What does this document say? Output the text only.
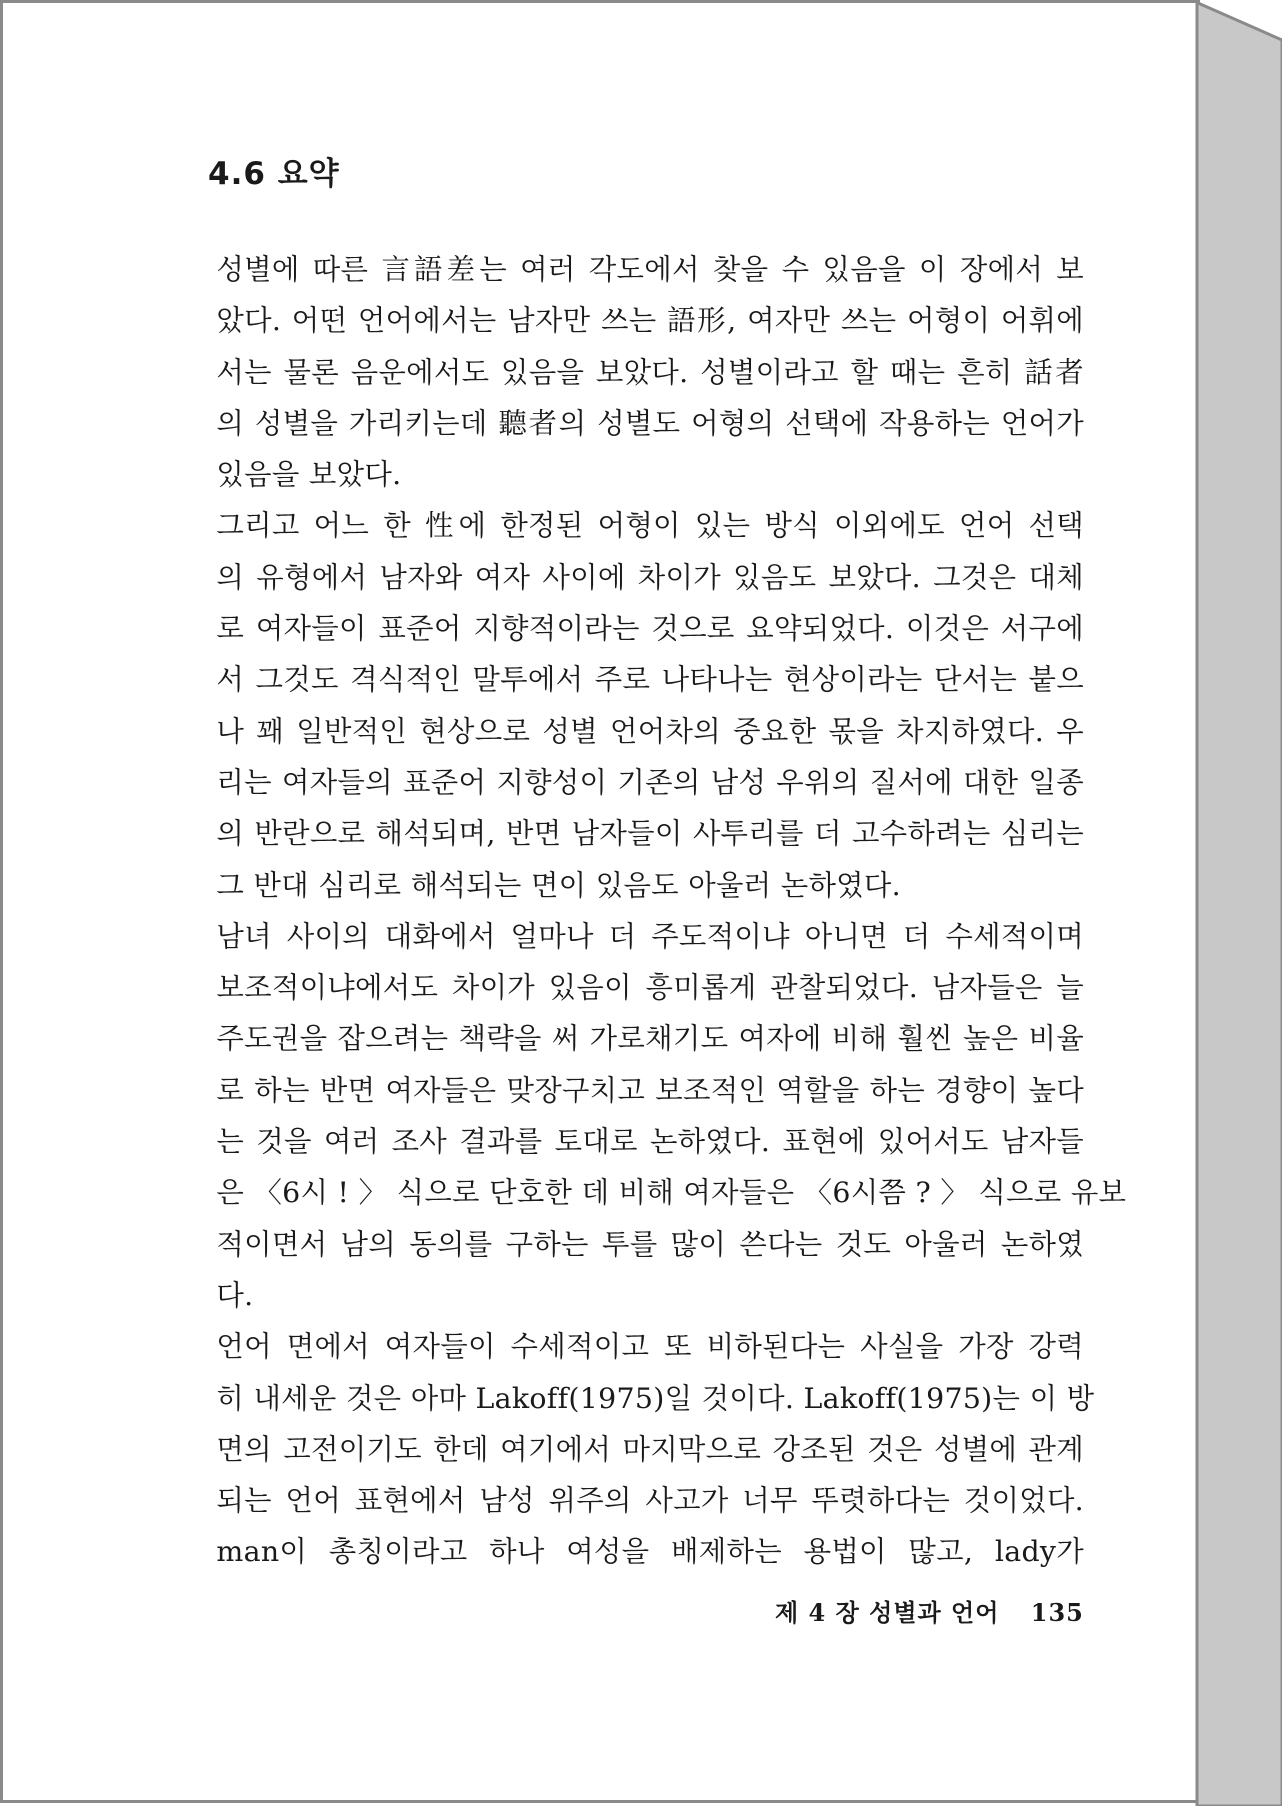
4.6 요약

성별에 따른 言語差는 여러 각도에서 찾을 수 있음을 이 장에서 보
았다. 어떤 언어에서는 남자만 쓰는 語形, 여자만 쓰는 어형이 어휘에
서는 물론 음운에서도 있음을 보았다. 성별이라고 할 때는 흔히 話者
의 성별을 가리키는데 聽者의 성별도 어형의 선택에 작용하는 언어가
있음을 보았다.

그리고 어느 한 性에 한정된 어형이 있는 방식 이외에도 언어 선택
의 유형에서 남자와 여자 사이에 차이가 있음도 보았다. 그것은 대체
로 여자들이 표준어 지향적이라는 것으로 요약되었다. 이것은 서구에
서 그것도 격식적인 말투에서 주로 나타나는 현상이라는 단서는 붙으
나 꽤 일반적인 현상으로 성별 언어차의 중요한 몫을 차지하였다. 우
리는 여자들의 표준어 지향성이 기존의 남성 우위의 질서에 대한 일종
의 반란으로 해석되며, 반면 남자들이 사투리를 더 고수하려는 심리는
그 반대 심리로 해석되는 면이 있음도 아울러 논하였다.

남녀 사이의 대화에서 얼마나 더 주도적이냐 아니면 더 수세적이며
보조적이냐에서도 차이가 있음이 흥미롭게 관찰되었다. 남자들은 늘
주도권을 잡으려는 책략을 써 가로채기도 여자에 비해 훨씬 높은 비율
로 하는 반면 여자들은 맞장구치고 보조적인 역할을 하는 경향이 높다
는 것을 여러 조사 결과를 토대로 논하였다. 표현에 있어서도 남자들
은 〈6시 ! 〉 식으로 단호한 데 비해 여자들은 〈6시쯤 ? 〉 식으로 유보
적이면서 남의 동의를 구하는 투를 많이 쓴다는 것도 아울러 논하였
다.

언어 면에서 여자들이 수세적이고 또 비하된다는 사실을 가장 강력
히 내세운 것은 아마 Lakoff(1975)일 것이다. Lakoff(1975)는 이 방
면의 고전이기도 한데 여기에서 마지막으로 강조된 것은 성별에 관계
되는 언어 표현에서 남성 위주의 사고가 너무 뚜렷하다는 것이었다.
man이 총칭이라고 하나 여성을 배제하는 용법이 많고, lady가

제 4 장 성별과 언어 135
